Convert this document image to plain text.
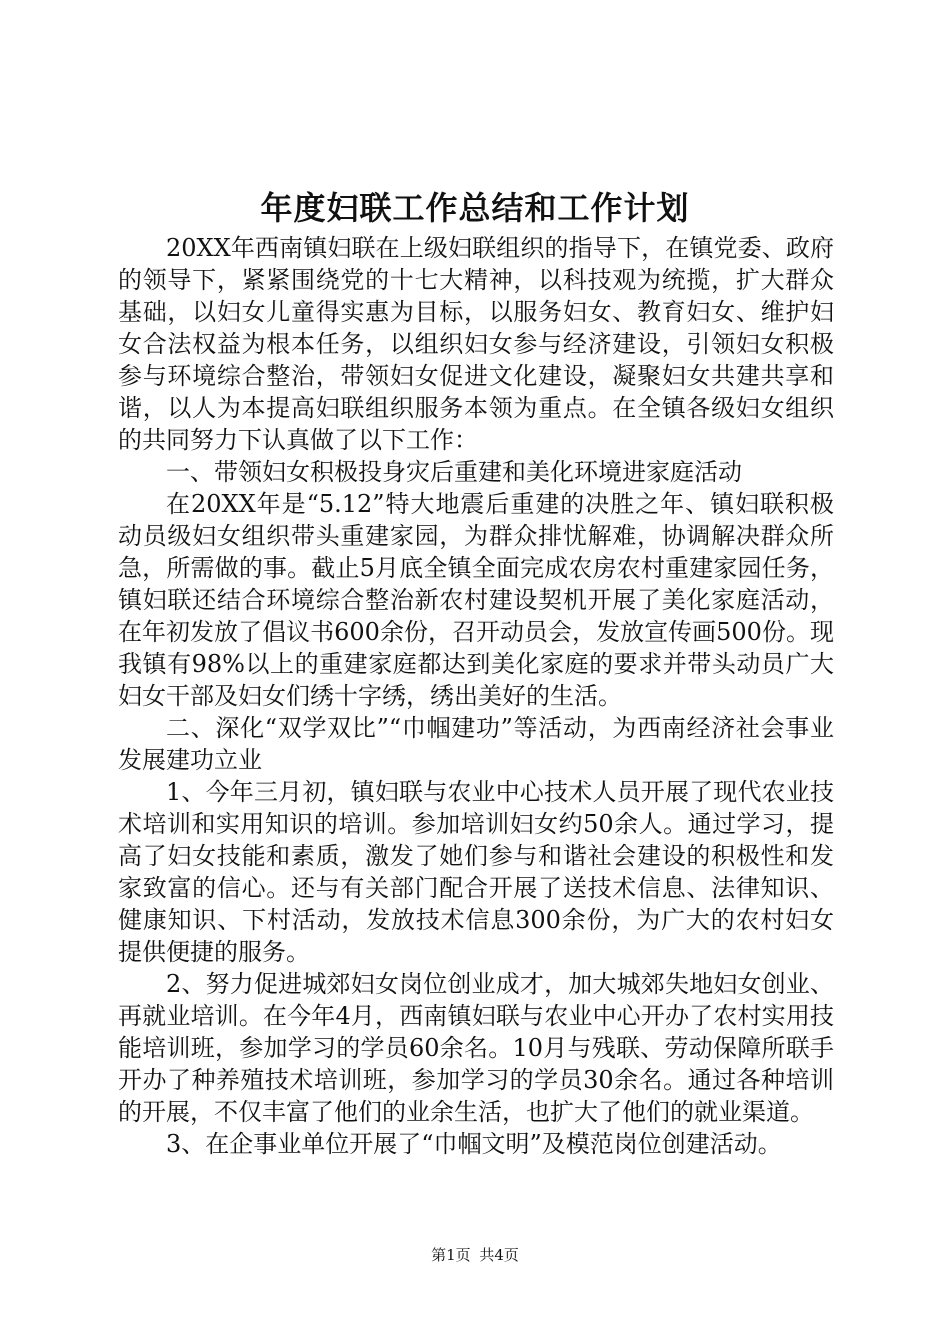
年度妇联工作总结和工作计划

20XX年西南镇妇联在上级妇联组织的指导下，在镇党委、政府的领导下，紧紧围绕党的十七大精神，以科技观为统揽，扩大群众基础，以妇女儿童得实惠为目标，以服务妇女、教育妇女、维护妇女合法权益为根本任务，以组织妇女参与经济建设，引领妇女积极参与环境综合整治，带领妇女促进文化建设，凝聚妇女共建共享和谐，以人为本提高妇联组织服务本领为重点。在全镇各级妇女组织的共同努力下认真做了以下工作：

一、带领妇女积极投身灾后重建和美化环境进家庭活动

在20XX年是“5.12”特大地震后重建的决胜之年、镇妇联积极动员级妇女组织带头重建家园，为群众排忧解难，协调解决群众所急，所需做的事。截止5月底全镇全面完成农房农村重建家园任务，镇妇联还结合环境综合整治新农村建设契机开展了美化家庭活动，在年初发放了倡议书600余份，召开动员会，发放宣传画500份。现我镇有98%以上的重建家庭都达到美化家庭的要求并带头动员广大妇女干部及妇女们绣十字绣，绣出美好的生活。

二、深化“双学双比”“巾帼建功”等活动，为西南经济社会事业发展建功立业

1、今年三月初，镇妇联与农业中心技术人员开展了现代农业技术培训和实用知识的培训。参加培训妇女约50余人。通过学习，提高了妇女技能和素质，激发了她们参与和谐社会建设的积极性和发家致富的信心。还与有关部门配合开展了送技术信息、法律知识、健康知识、下村活动，发放技术信息300余份，为广大的农村妇女提供便捷的服务。

2、努力促进城郊妇女岗位创业成才，加大城郊失地妇女创业、再就业培训。在今年4月，西南镇妇联与农业中心开办了农村实用技能培训班，参加学习的学员60余名。10月与残联、劳动保障所联手开办了种养殖技术培训班，参加学习的学员30余名。通过各种培训的开展，不仅丰富了他们的业余生活，也扩大了他们的就业渠道。

3、在企事业单位开展了“巾帼文明”及模范岗位创建活动。

第1页 共4页
